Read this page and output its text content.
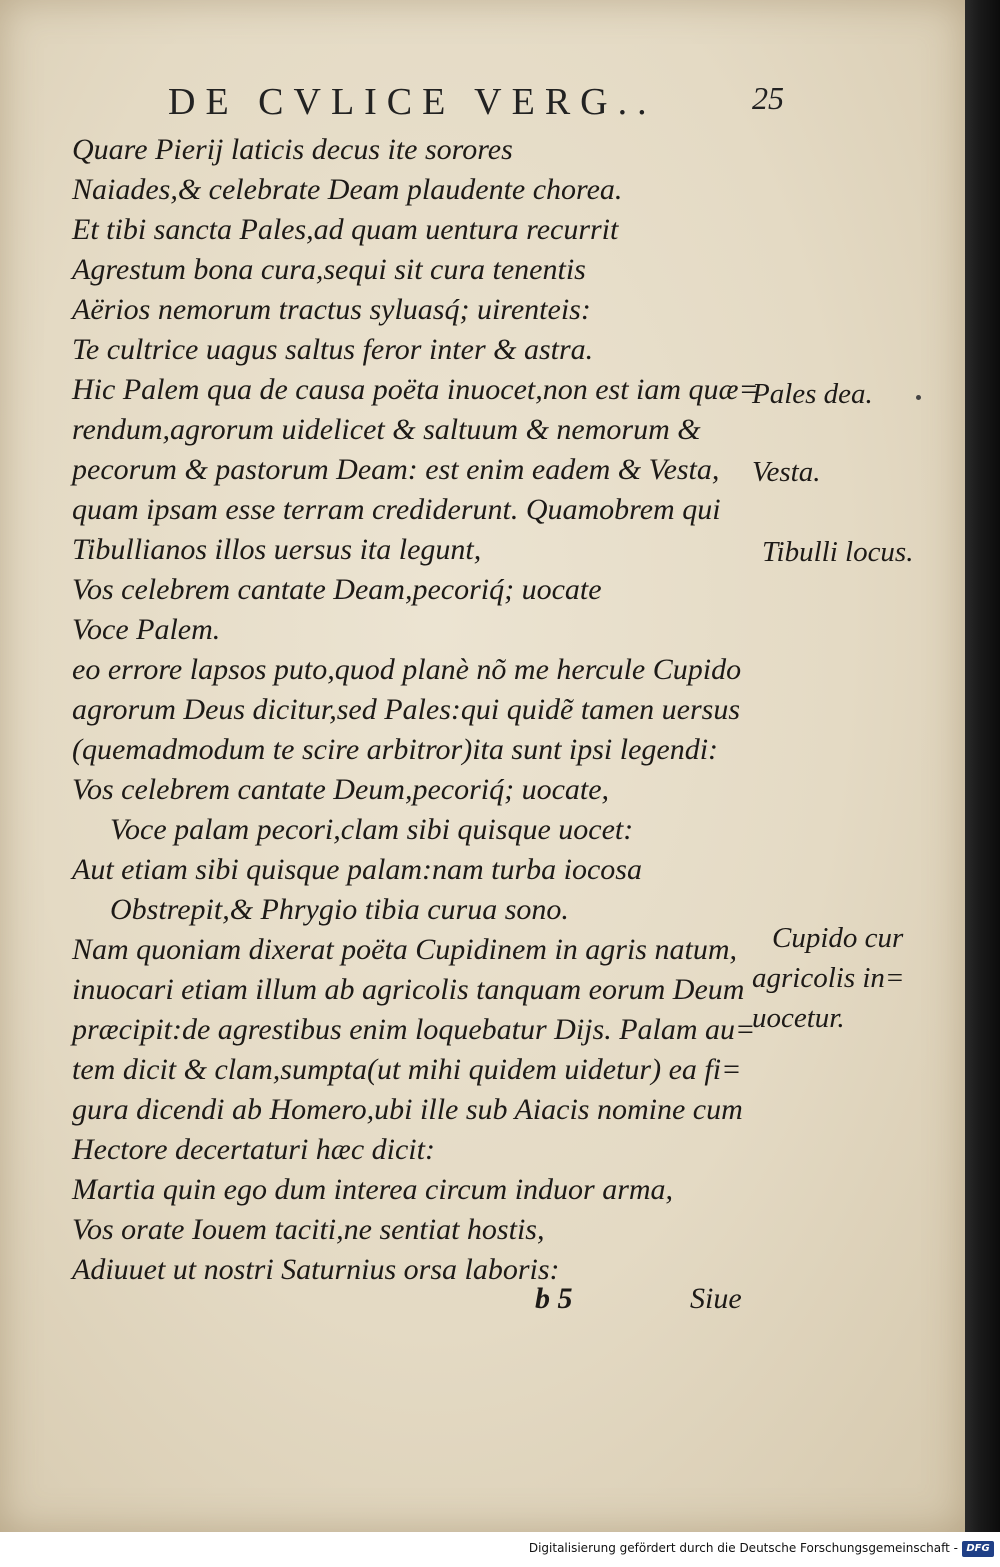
DE CVLICE VERG..	25
Quare Pierij laticis decus ite sorores
Naiades,& celebrate Deam plaudente chorea.
Et tibi sancta Pales,ad quam uentura recurrit
Agrestum bona cura,sequi sit cura tenentis
Aërios nemorum tractus syluasq́; uirenteis:
Te cultrice uagus saltus feror inter & astra.
Hic Palem qua de causa poëta inuocet,non est iam quæ=
rendum,agrorum uidelicet & saltuum & nemorum &
pecorum & pastorum Deam: est enim eadem & Vesta,
quam ipsam esse terram crediderunt. Quamobrem qui
Tibullianos illos uersus ita legunt,
Vos celebrem cantate Deam,pecoriq́; uocate
Voce Palem.
eo errore lapsos puto,quod planè nõ me hercule Cupido
agrorum Deus dicitur,sed Pales:qui quidẽ tamen uersus
(quemadmodum te scire arbitror)ita sunt ipsi legendi:
Vos celebrem cantate Deum,pecoriq́; uocate,
Voce palam pecori,clam sibi quisque uocet:
Aut etiam sibi quisque palam:nam turba iocosa
Obstrepit,& Phrygio tibia curua sono.
Nam quoniam dixerat poëta Cupidinem in agris natum,
inuocari etiam illum ab agricolis tanquam eorum Deum
præcipit:de agrestibus enim loquebatur Dijs. Palam au=
tem dicit & clam,sumpta(ut mihi quidem uidetur) ea fi=
gura dicendi ab Homero,ubi ille sub Aiacis nomine cum
Hectore decertaturi hæc dicit:
Martia quin ego dum interea circum induor arma,
Vos orate Iouem taciti,ne sentiat hostis,
Adiuuet ut nostri Saturnius orsa laboris:
Pales dea.
Vesta.
Tibulli locus.
Cupido cur
agricolis in=
uocetur.
b 5	Siue
Digitalisierung gefördert durch die Deutsche Forschungsgemeinschaft - DFG
